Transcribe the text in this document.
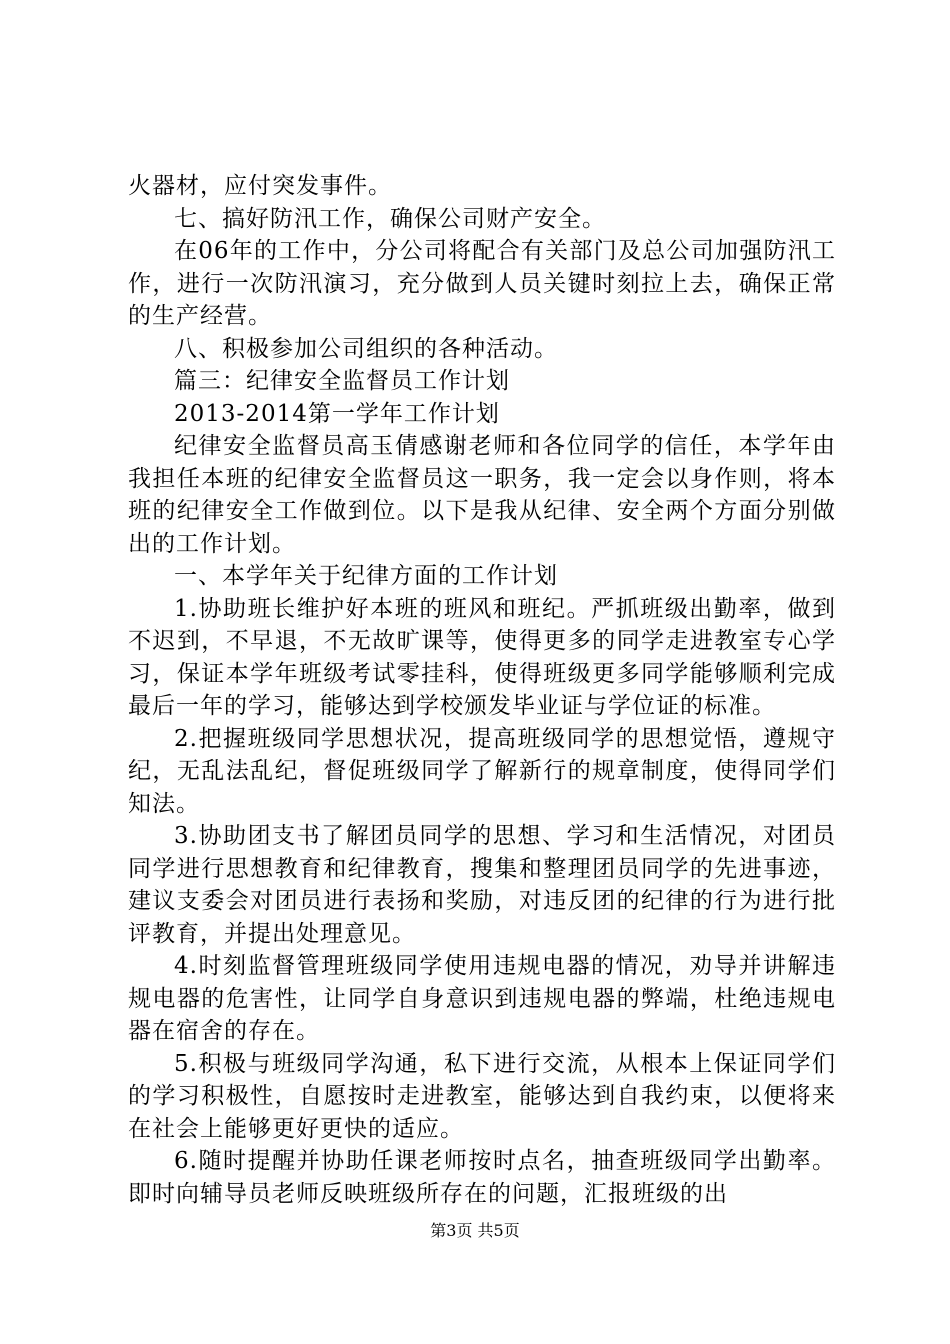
火器材，应付突发事件。

七、搞好防汛工作，确保公司财产安全。

在06年的工作中，分公司将配合有关部门及总公司加强防汛工作，进行一次防汛演习，充分做到人员关键时刻拉上去，确保正常的生产经营。

八、积极参加公司组织的各种活动。

篇三：纪律安全监督员工作计划

2013-2014第一学年工作计划

纪律安全监督员高玉倩感谢老师和各位同学的信任，本学年由我担任本班的纪律安全监督员这一职务，我一定会以身作则，将本班的纪律安全工作做到位。以下是我从纪律、安全两个方面分别做出的工作计划。

一、本学年关于纪律方面的工作计划

1.协助班长维护好本班的班风和班纪。严抓班级出勤率，做到不迟到，不早退，不无故旷课等，使得更多的同学走进教室专心学习，保证本学年班级考试零挂科，使得班级更多同学能够顺利完成最后一年的学习，能够达到学校颁发毕业证与学位证的标准。

2.把握班级同学思想状况，提高班级同学的思想觉悟，遵规守纪，无乱法乱纪，督促班级同学了解新行的规章制度，使得同学们知法。

3.协助团支书了解团员同学的思想、学习和生活情况，对团员同学进行思想教育和纪律教育，搜集和整理团员同学的先进事迹，建议支委会对团员进行表扬和奖励，对违反团的纪律的行为进行批评教育，并提出处理意见。

4.时刻监督管理班级同学使用违规电器的情况，劝导并讲解违规电器的危害性，让同学自身意识到违规电器的弊端，杜绝违规电器在宿舍的存在。

5.积极与班级同学沟通，私下进行交流，从根本上保证同学们的学习积极性，自愿按时走进教室，能够达到自我约束，以便将来在社会上能够更好更快的适应。

6.随时提醒并协助任课老师按时点名，抽查班级同学出勤率。即时向辅导员老师反映班级所存在的问题，汇报班级的出

第3页 共5页
